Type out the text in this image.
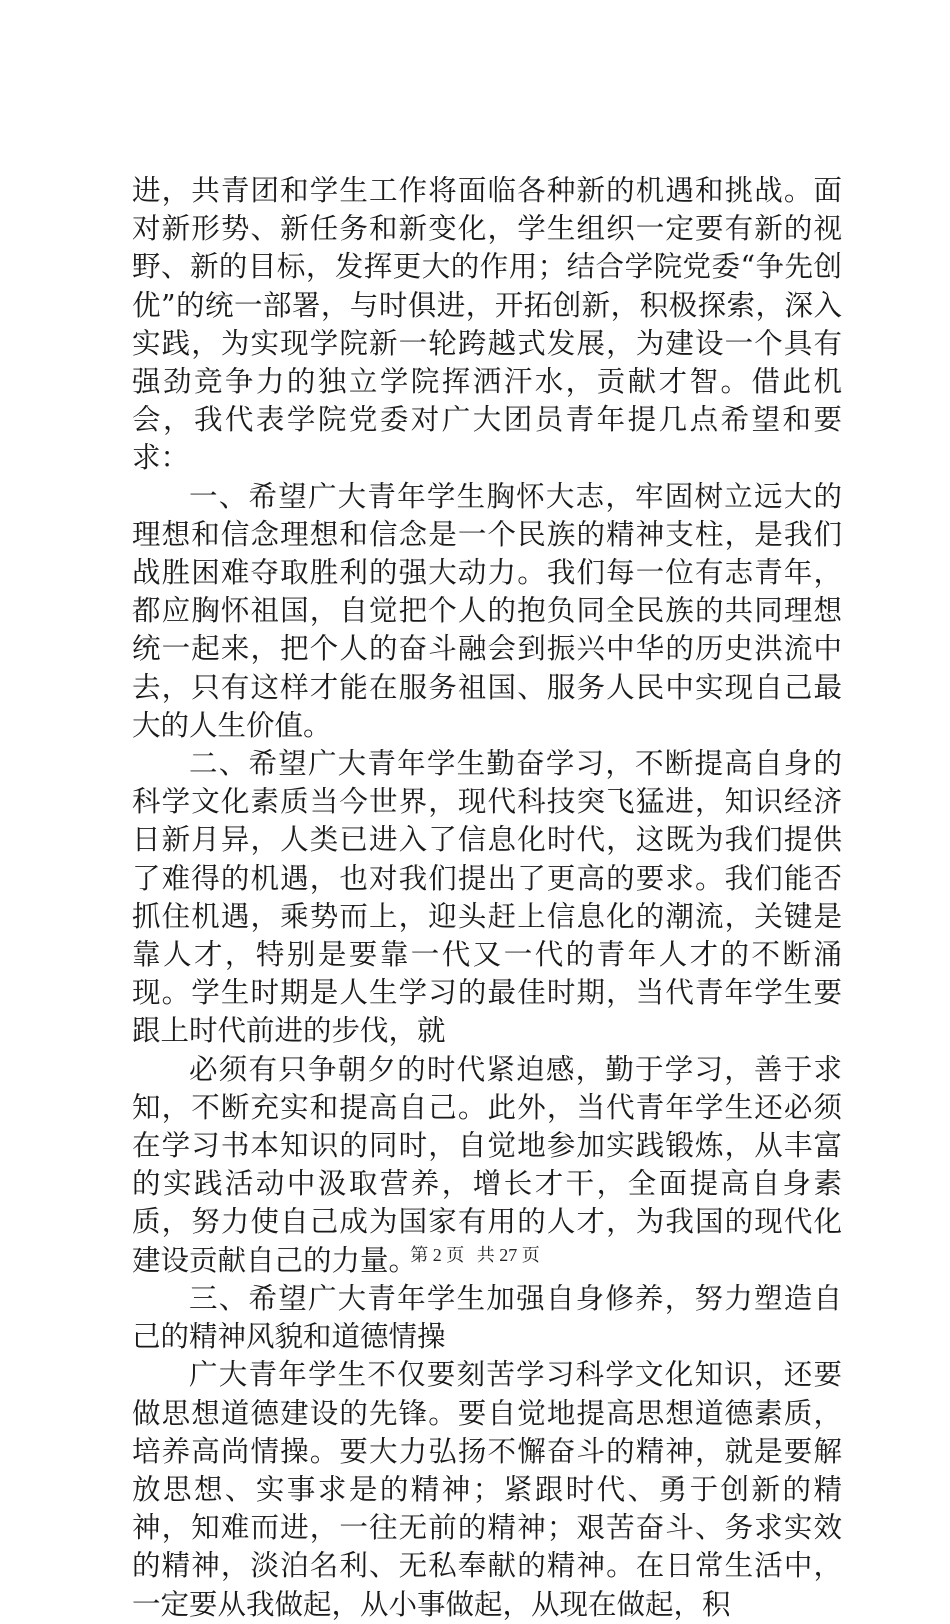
进，共青团和学生工作将面临各种新的机遇和挑战。面对新形势、新任务和新变化，学生组织一定要有新的视野、新的目标，发挥更大的作用；结合学院党委“争先创优”的统一部署，与时俱进，开拓创新，积极探索，深入实践，为实现学院新一轮跨越式发展，为建设一个具有强劲竞争力的独立学院挥洒汗水，贡献才智。借此机会，我代表学院党委对广大团员青年提几点希望和要求：

一、希望广大青年学生胸怀大志，牢固树立远大的理想和信念理想和信念是一个民族的精神支柱，是我们战胜困难夺取胜利的强大动力。我们每一位有志青年，都应胸怀祖国，自觉把个人的抱负同全民族的共同理想统一起来，把个人的奋斗融会到振兴中华的历史洪流中去，只有这样才能在服务祖国、服务人民中实现自己最大的人生价值。

二、希望广大青年学生勤奋学习，不断提高自身的科学文化素质当今世界，现代科技突飞猛进，知识经济日新月异，人类已进入了信息化时代，这既为我们提供了难得的机遇，也对我们提出了更高的要求。我们能否抓住机遇，乘势而上，迎头赶上信息化的潮流，关键是靠人才，特别是要靠一代又一代的青年人才的不断涌现。学生时期是人生学习的最佳时期，当代青年学生要跟上时代前进的步伐，就

必须有只争朝夕的时代紧迫感，勤于学习，善于求知，不断充实和提高自己。此外，当代青年学生还必须在学习书本知识的同时，自觉地参加实践锻炼，从丰富的实践活动中汲取营养，增长才干，全面提高自身素质，努力使自己成为国家有用的人才，为我国的现代化建设贡献自己的力量。

三、希望广大青年学生加强自身修养，努力塑造自己的精神风貌和道德情操

广大青年学生不仅要刻苦学习科学文化知识，还要做思想道德建设的先锋。要自觉地提高思想道德素质，培养高尚情操。要大力弘扬不懈奋斗的精神，就是要解放思想、实事求是的精神；紧跟时代、勇于创新的精神，知难而进，一往无前的精神；艰苦奋斗、务求实效的精神，淡泊名利、无私奉献的精神。在日常生活中，一定要从我做起，从小事做起，从现在做起，积

第 2 页 共 27 页
